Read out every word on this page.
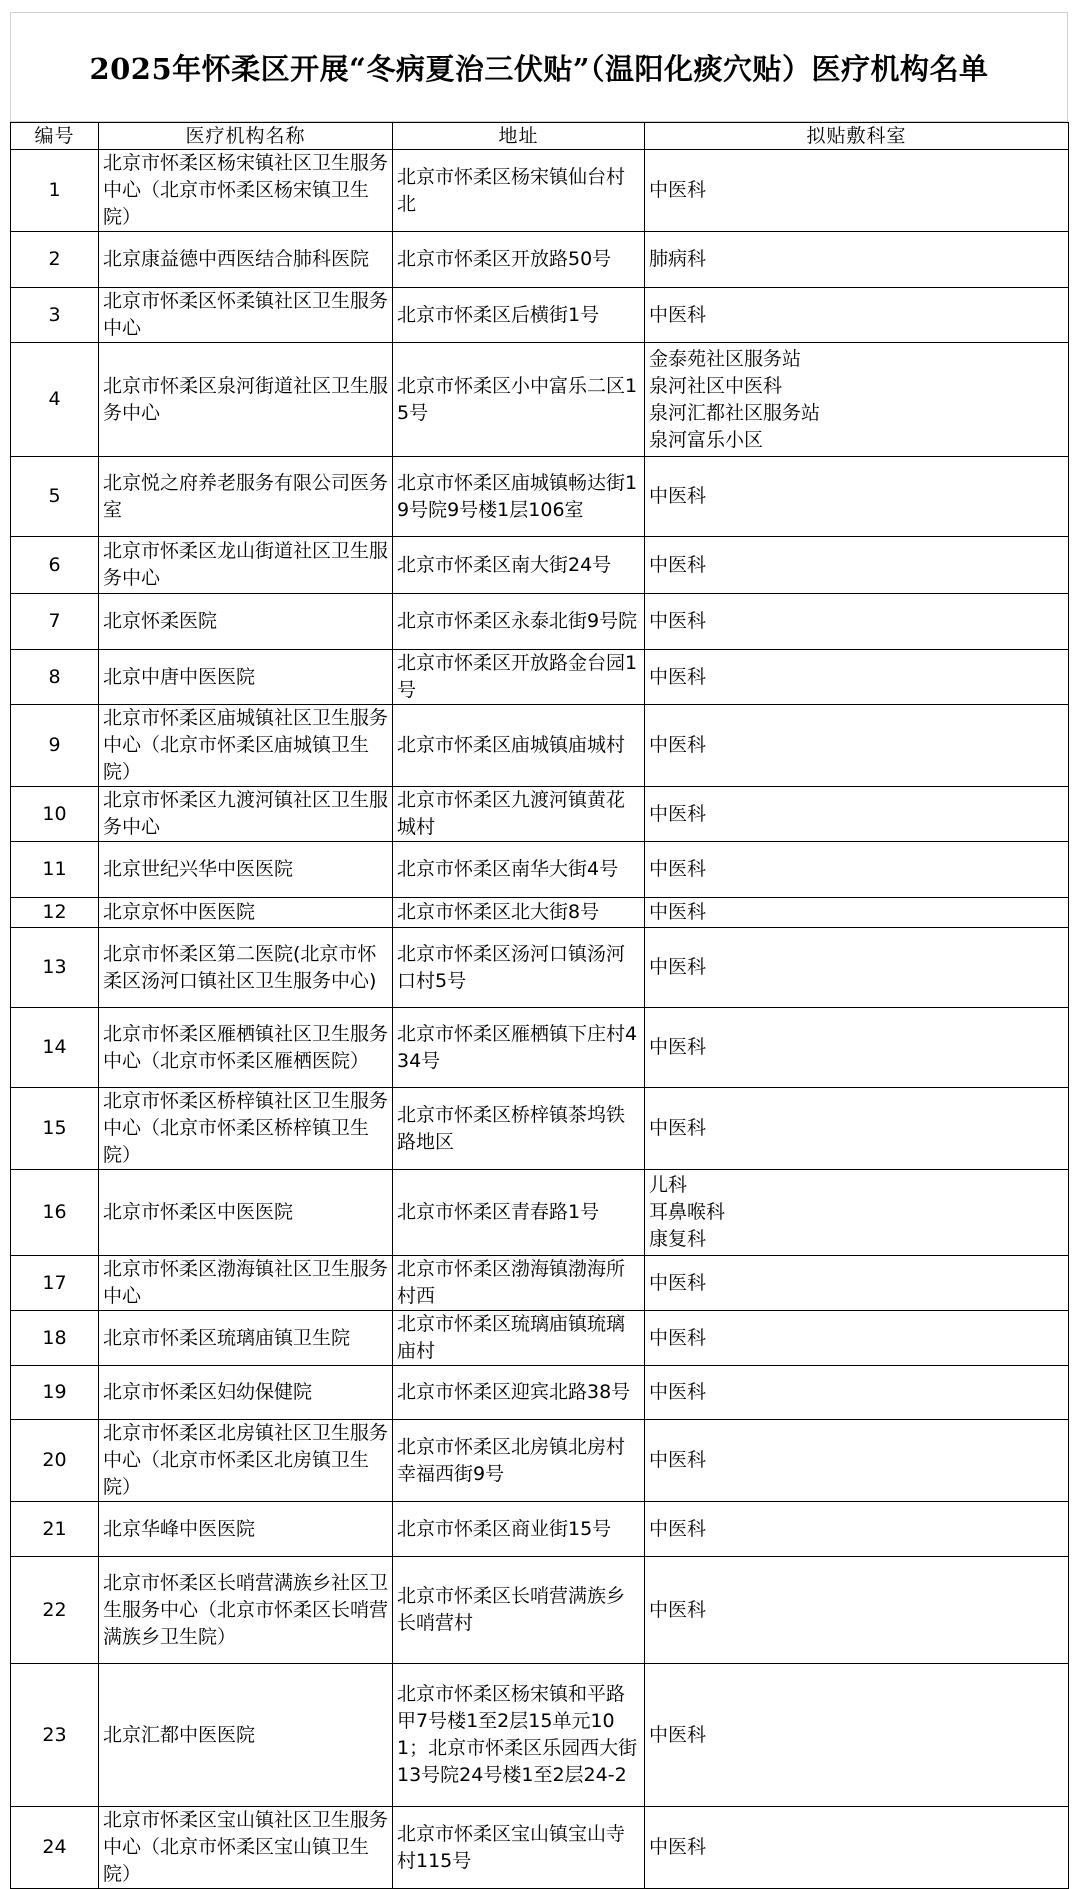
2025年怀柔区开展“冬病夏治三伏贴”（温阳化痰穴贴）医疗机构名单
编号	医疗机构名称	地址	拟贴敷科室
1	北京市怀柔区杨宋镇社区卫生服务中心（北京市怀柔区杨宋镇卫生院）	北京市怀柔区杨宋镇仙台村北	中医科
2	北京康益德中西医结合肺科医院	北京市怀柔区开放路50号	肺病科
3	北京市怀柔区怀柔镇社区卫生服务中心	北京市怀柔区后横街1号	中医科
4	北京市怀柔区泉河街道社区卫生服务中心	北京市怀柔区小中富乐二区15号	金泰苑社区服务站
泉河社区中医科
泉河汇都社区服务站
泉河富乐小区
5	北京悦之府养老服务有限公司医务室	北京市怀柔区庙城镇畅达街19号院9号楼1层106室	中医科
6	北京市怀柔区龙山街道社区卫生服务中心	北京市怀柔区南大街24号	中医科
7	北京怀柔医院	北京市怀柔区永泰北街9号院	中医科
8	北京中唐中医医院	北京市怀柔区开放路金台园1号	中医科
9	北京市怀柔区庙城镇社区卫生服务中心（北京市怀柔区庙城镇卫生院）	北京市怀柔区庙城镇庙城村	中医科
10	北京市怀柔区九渡河镇社区卫生服务中心	北京市怀柔区九渡河镇黄花城村	中医科
11	北京世纪兴华中医医院	北京市怀柔区南华大街4号	中医科
12	北京京怀中医医院	北京市怀柔区北大街8号	中医科
13	北京市怀柔区第二医院(北京市怀柔区汤河口镇社区卫生服务中心)	北京市怀柔区汤河口镇汤河口村5号	中医科
14	北京市怀柔区雁栖镇社区卫生服务中心（北京市怀柔区雁栖医院）	北京市怀柔区雁栖镇下庄村434号	中医科
15	北京市怀柔区桥梓镇社区卫生服务中心（北京市怀柔区桥梓镇卫生院）	北京市怀柔区桥梓镇茶坞铁路地区	中医科
16	北京市怀柔区中医医院	北京市怀柔区青春路1号	儿科
耳鼻喉科
康复科
17	北京市怀柔区渤海镇社区卫生服务中心	北京市怀柔区渤海镇渤海所村西	中医科
18	北京市怀柔区琉璃庙镇卫生院	北京市怀柔区琉璃庙镇琉璃庙村	中医科
19	北京市怀柔区妇幼保健院	北京市怀柔区迎宾北路38号	中医科
20	北京市怀柔区北房镇社区卫生服务中心（北京市怀柔区北房镇卫生院）	北京市怀柔区北房镇北房村幸福西街9号	中医科
21	北京华峰中医医院	北京市怀柔区商业街15号	中医科
22	北京市怀柔区长哨营满族乡社区卫生服务中心（北京市怀柔区长哨营满族乡卫生院）	北京市怀柔区长哨营满族乡长哨营村	中医科
23	北京汇都中医医院	北京市怀柔区杨宋镇和平路甲7号楼1至2层15单元101；北京市怀柔区乐园西大街13号院24号楼1至2层24-2	中医科
24	北京市怀柔区宝山镇社区卫生服务中心（北京市怀柔区宝山镇卫生院）	北京市怀柔区宝山镇宝山寺村115号	中医科
